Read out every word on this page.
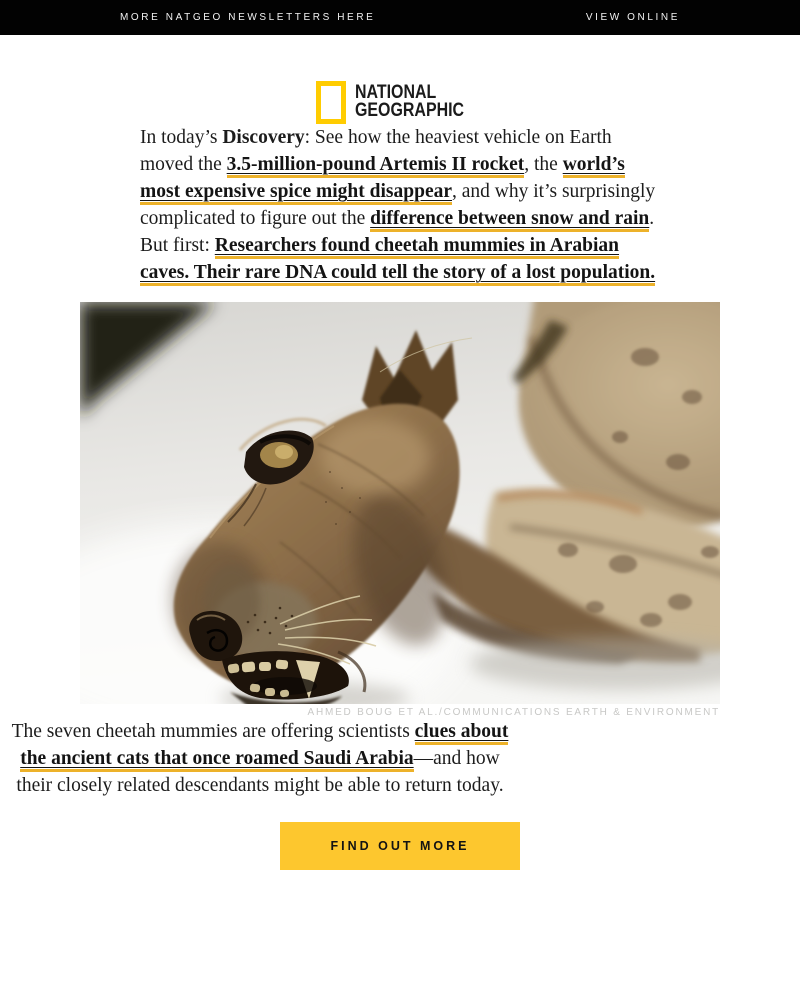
MORE NATGEO NEWSLETTERS HERE	VIEW ONLINE
NATIONAL
GEOGRAPHIC

In today’s Discovery: See how the heaviest vehicle on Earth moved the 3.5-million-pound Artemis II rocket, the world’s most expensive spice might disappear, and why it’s surprisingly complicated to figure out the difference between snow and rain.

But first: Researchers found cheetah mummies in Arabian caves. Their rare DNA could tell the story of a lost population.

AHMED BOUG ET AL./COMMUNICATIONS EARTH & ENVIRONMENT

The seven cheetah mummies are offering scientists clues about the ancient cats that once roamed Saudi Arabia—and how their closely related descendants might be able to return today.

FIND OUT MORE
